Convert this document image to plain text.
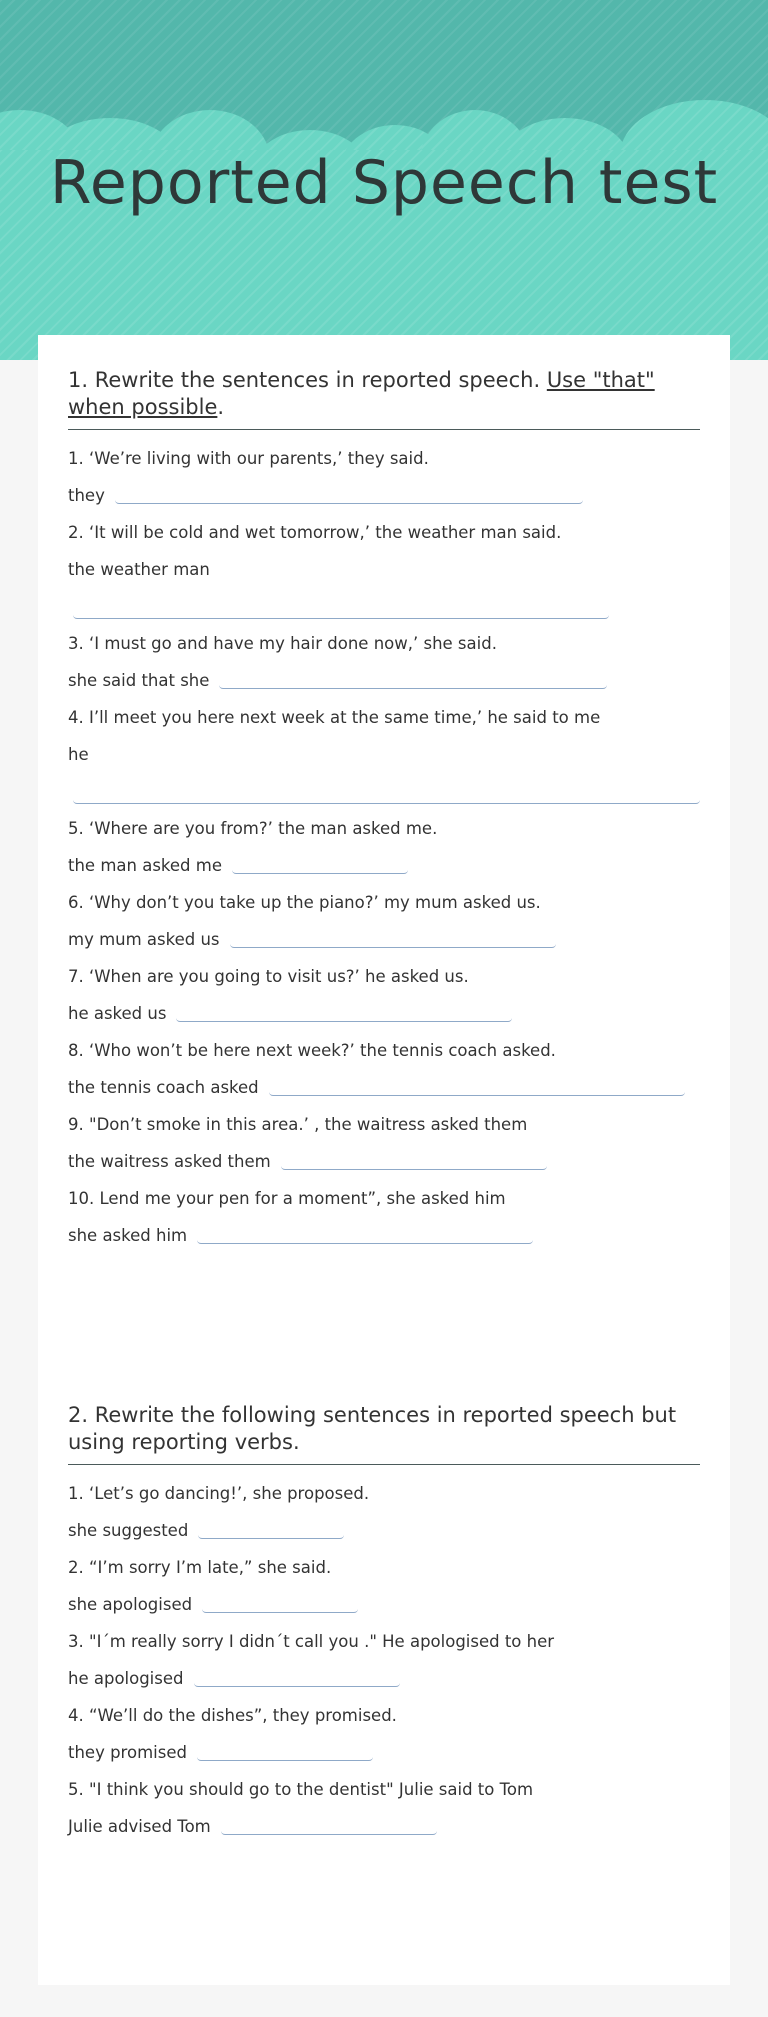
Reported Speech test
1. Rewrite the sentences in reported speech. Use "that" when possible.
1. ‘We’re living with our parents,’ they said.
they
2. ‘It will be cold and wet tomorrow,’ the weather man said.
the weather man
3. ‘I must go and have my hair done now,’ she said.
she said that she
4. I’ll meet you here next week at the same time,’ he said to me
he
5. ‘Where are you from?’ the man asked me.
the man asked me
6. ‘Why don’t you take up the piano?’ my mum asked us.
my mum asked us
7. ‘When are you going to visit us?’ he asked us.
he asked us
8. ‘Who won’t be here next week?’ the tennis coach asked.
the tennis coach asked
9. "Don’t smoke in this area.’ , the waitress asked them
the waitress asked them
10. Lend me your pen for a moment”, she asked him
she asked him
2. Rewrite the following sentences in reported speech but using reporting verbs.
1. ‘Let’s go dancing!’, she proposed.
she suggested
2. “I’m sorry I’m late,” she said.
she apologised
3. "I´m really sorry I didn´t call you ." He apologised to her
he apologised
4. “We’ll do the dishes”, they promised.
they promised
5. "I think you should go to the dentist" Julie said to Tom
Julie advised Tom
